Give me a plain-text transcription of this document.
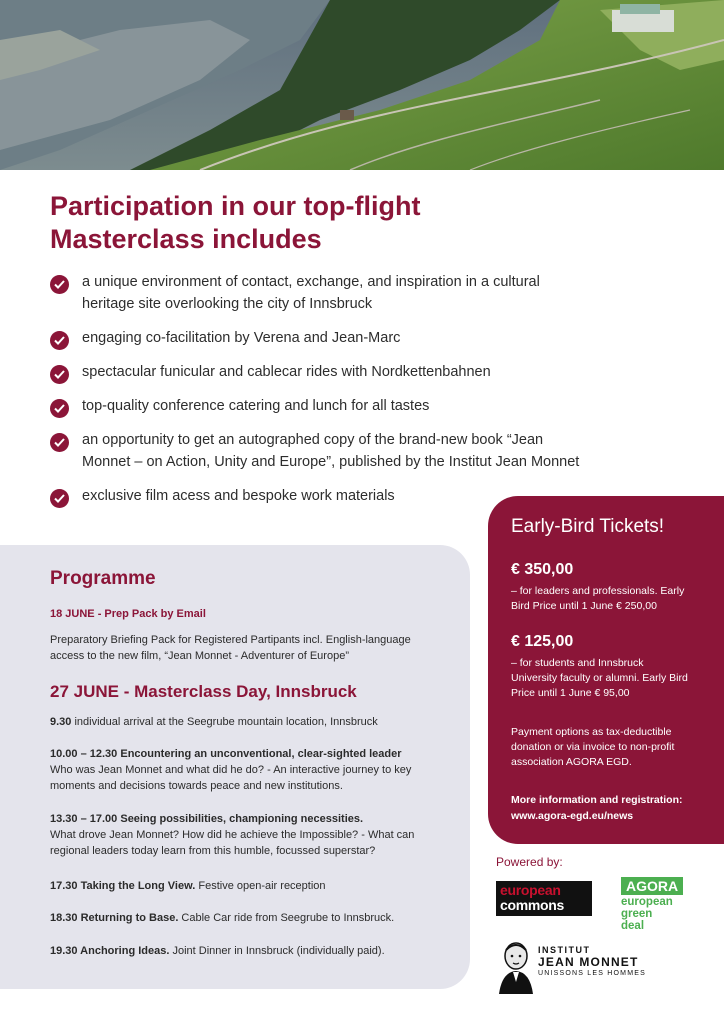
Participation in our top-flight
Masterclass includes
a unique environment of contact, exchange, and inspiration in a cultural
heritage site overlooking the city of Innsbruck
engaging co-facilitation by Verena and Jean-Marc
spectacular funicular and cablecar rides with Nordkettenbahnen
top-quality conference catering and lunch for all tastes
an opportunity to get an autographed copy of the brand-new book “Jean
Monnet – on Action, Unity and Europe”, published by the Institut Jean Monnet
exclusive film acess and bespoke work materials
Programme
18 JUNE - Prep Pack by Email
Preparatory Briefing Pack for Registered Partipants incl. English-language
access to the new film, “Jean Monnet - Adventurer of Europe”
27 JUNE - Masterclass Day, Innsbruck
9.30 individual arrival at the Seegrube mountain location, Innsbruck
10.00 – 12.30 Encountering an unconventional, clear-sighted leader
Who was Jean Monnet and what did he do? - An interactive journey to key
moments and decisions towards peace and new institutions.
13.30 – 17.00 Seeing possibilities, championing necessities.
What drove Jean Monnet? How did he achieve the Impossible? - What can
regional leaders today learn from this humble, focussed superstar?
17.30 Taking the Long View. Festive open-air reception
18.30 Returning to Base. Cable Car ride from Seegrube to Innsbruck.
19.30 Anchoring Ideas. Joint Dinner in Innsbruck (individually paid).
Early-Bird Tickets!
€ 350,00
– for leaders and professionals. Early
Bird Price until 1 June € 250,00
€ 125,00
– for students and Innsbruck
University faculty or alumni. Early Bird
Price until 1 June € 95,00
Payment options as tax-deductible
donation or via invoice to non-profit
association AGORA EGD.
More information and registration:
www.agora-egd.eu/news
Powered by:
european
commons
AGORA
european
green
deal
INSTITUT
JEAN MONNET
UNISSONS LES HOMMES
